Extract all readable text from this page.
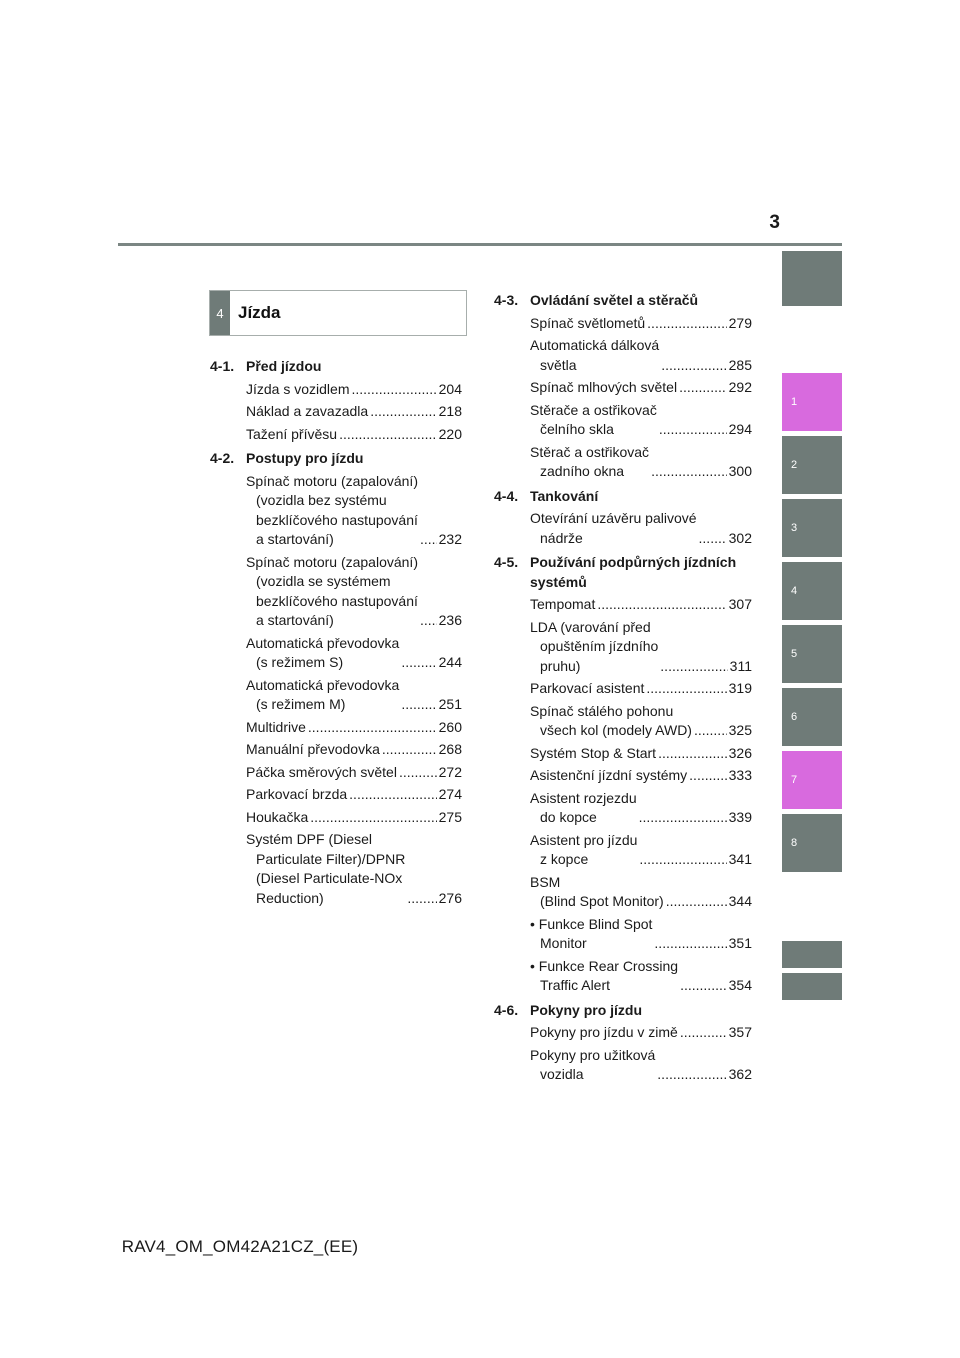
3
1
2
3
4
5
6
7
8
4 Jízda
4-1. Před jízdou
Jízda s vozidlem .....	204
Náklad a zavazadla .....	218
Tažení přívěsu .....	220
4-2. Postupy pro jízdu
Spínač motoru (zapalování)
(vozidla bez systému
bezklíčového nastupování
a startování) .....	232
Spínač motoru (zapalování)
(vozidla se systémem
bezklíčového nastupování
a startování) .....	236
Automatická převodovka
(s režimem S) .....	244
Automatická převodovka
(s režimem M) .....	251
Multidrive .....	260
Manuální převodovka .....	268
Páčka směrových světel .....	272
Parkovací brzda .....	274
Houkačka .....	275
Systém DPF (Diesel
Particulate Filter)/DPNR
(Diesel Particulate-NOx
Reduction) .....	276
4-3. Ovládání světel a stěračů
Spínač světlometů .....	279
Automatická dálková
světla .....	285
Spínač mlhových světel .....	292
Stěrače a ostřikovač
čelního skla .....	294
Stěrač a ostřikovač
zadního okna .....	300
4-4. Tankování
Otevírání uzávěru palivové
nádrže .....	302
4-5. Používání podpůrných jízdních systémů
Tempomat .....	307
LDA (varování před
opuštěním jízdního
pruhu) .....	311
Parkovací asistent .....	319
Spínač stálého pohonu
všech kol (modely AWD) .....	325
Systém Stop & Start .....	326
Asistenční jízdní systémy .....	333
Asistent rozjezdu
do kopce .....	339
Asistent pro jízdu
z kopce .....	341
BSM
(Blind Spot Monitor) .....	344
• Funkce Blind Spot
Monitor .....	351
• Funkce Rear Crossing
Traffic Alert .....	354
4-6. Pokyny pro jízdu
Pokyny pro jízdu v zimě .....	357
Pokyny pro užitková
vozidla .....	362
RAV4_OM_OM42A21CZ_(EE)
